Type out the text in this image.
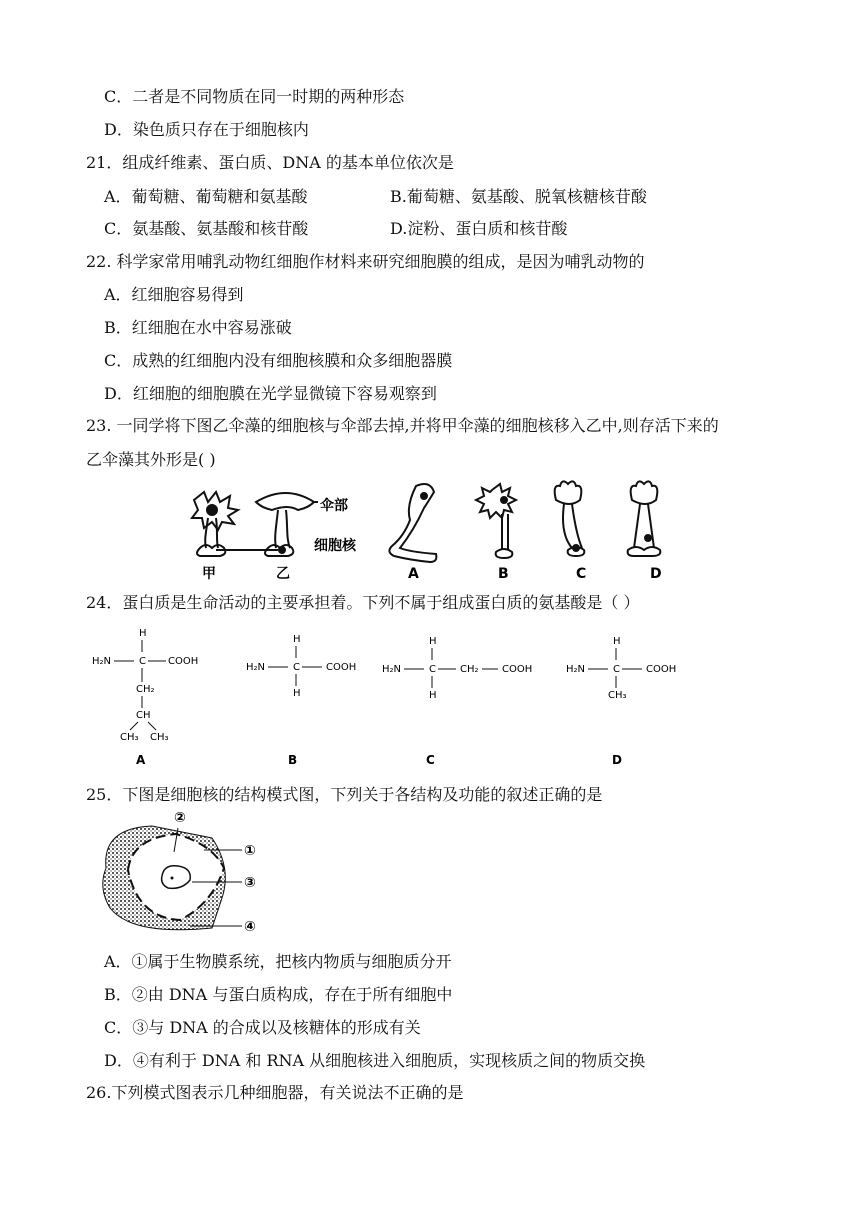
C．二者是不同物质在同一时期的两种形态
D．染色质只存在于细胞核内
21．组成纤维素、蛋白质、DNA 的基本单位依次是
A．葡萄糖、葡萄糖和氨基酸	B.葡萄糖、氨基酸、脱氧核糖核苷酸
C．氨基酸、氨基酸和核苷酸	D.淀粉、蛋白质和核苷酸
22. 科学家常用哺乳动物红细胞作材料来研究细胞膜的组成，是因为哺乳动物的
A．红细胞容易得到
B．红细胞在水中容易涨破
C．成熟的红细胞内没有细胞核膜和众多细胞器膜
D．红细胞的细胞膜在光学显微镜下容易观察到
23. 一同学将下图乙伞藻的细胞核与伞部去掉,并将甲伞藻的细胞核移入乙中,则存活下来的
乙伞藻其外形是( )
伞部
细胞核
甲	乙	A	B	C	D
24．蛋白质是生命活动的主要承担着。下列不属于组成蛋白质的氨基酸是（ ）
H
H₂N	C COOH
CH₂
CH
CH₃ CH₃
A
H
H₂N	C	COOH
H
B
H
H₂N	C CH₂ COOH
H
C
H
H₂N	C	COOH
CH₃
D
25．下图是细胞核的结构模式图，下列关于各结构及功能的叙述正确的是
②
①
③
④
A．①属于生物膜系统，把核内物质与细胞质分开
B．②由 DNA 与蛋白质构成，存在于所有细胞中
C．③与 DNA 的合成以及核糖体的形成有关
D．④有利于 DNA 和 RNA 从细胞核进入细胞质，实现核质之间的物质交换
26.下列模式图表示几种细胞器，有关说法不正确的是
